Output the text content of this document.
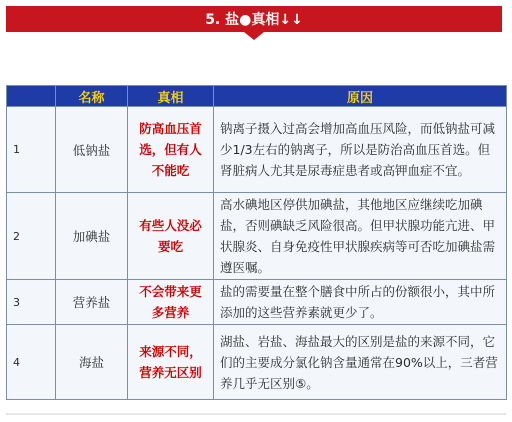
5. 盐●真相↓↓
	名称	真相	原因
1	低钠盐	防高血压首选，但有人不能吃	钠离子摄入过高会增加高血压风险，而低钠盐可减少1/3左右的钠离子，所以是防治高血压首选。但肾脏病人尤其是尿毒症患者或高钾血症不宜。
2	加碘盐	有些人没必要吃	高水碘地区停供加碘盐，其他地区应继续吃加碘盐，否则碘缺乏风险很高。但甲状腺功能亢进、甲状腺炎、自身免疫性甲状腺疾病等可否吃加碘盐需遵医嘱。
3	营养盐	不会带来更多营养	盐的需要量在整个膳食中所占的份额很小，其中所添加的这些营养素就更少了。
4	海盐	来源不同，营养无区别	湖盐、岩盐、海盐最大的区别是盐的来源不同，它们的主要成分氯化钠含量通常在90%以上，三者营养几乎无区别⑤。
